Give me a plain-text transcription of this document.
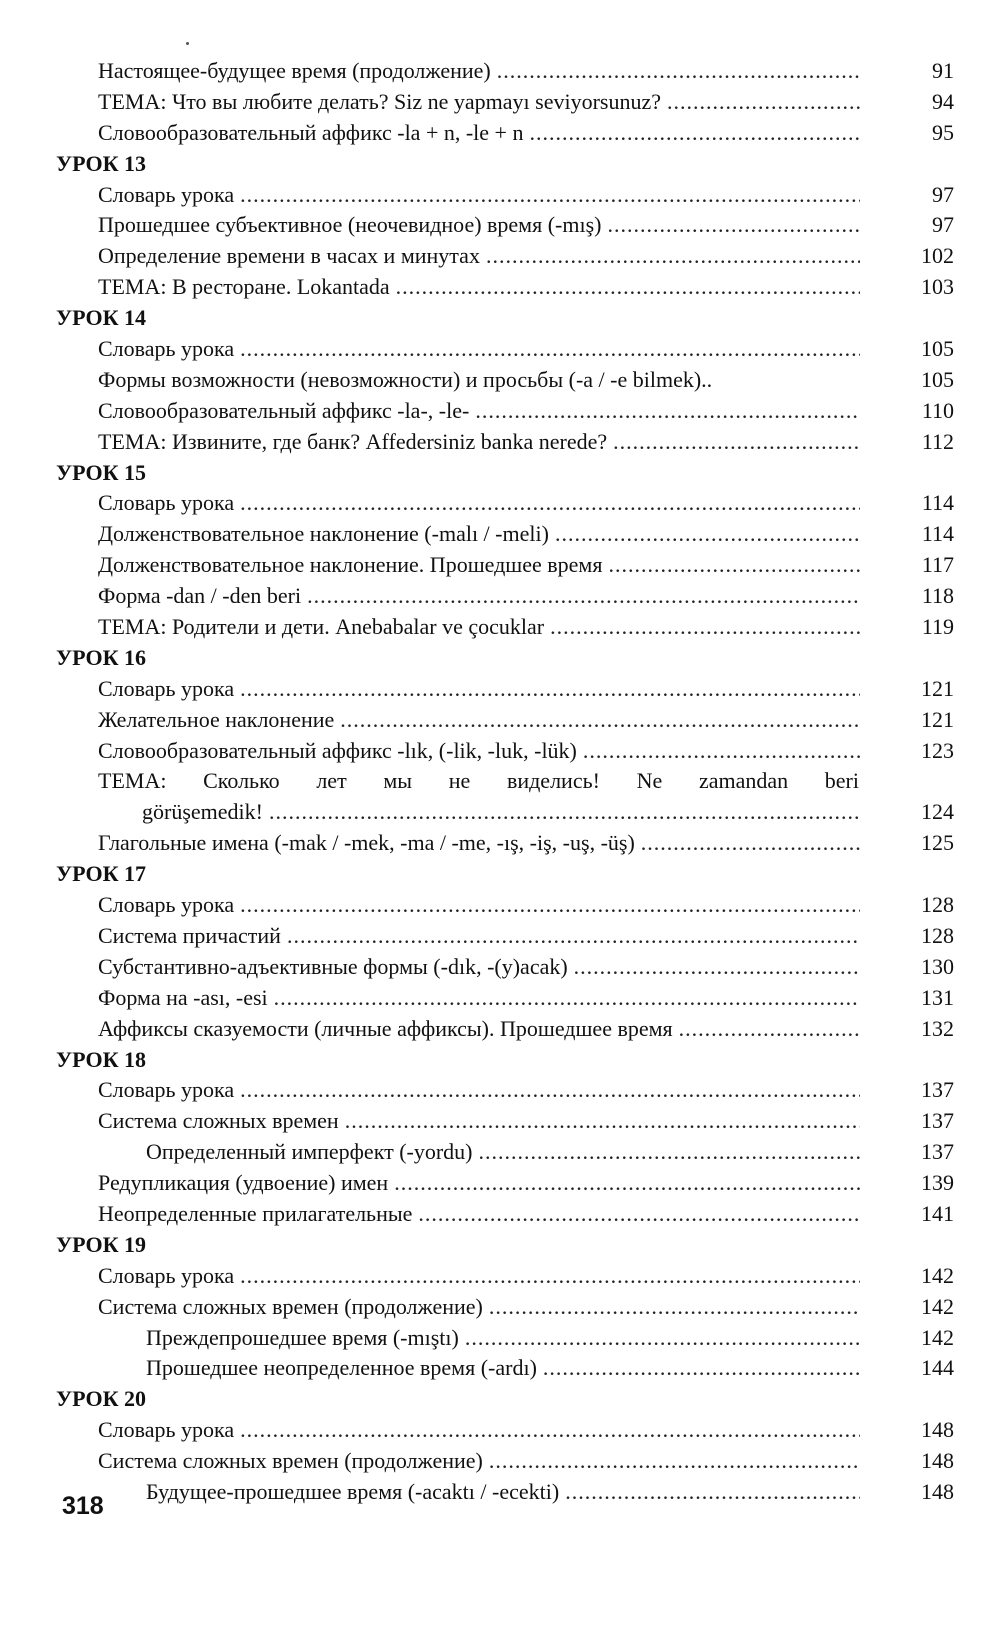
Настоящее-будущее время (продолжение) .....	91
ТЕМА: Что вы любите делать? Siz ne yapmayı seviyorsunuz? .....	94
Словообразовательный аффикс -la + n, -le + n .....	95
УРОК 13
Словарь урока .....	97
Прошедшее субъективное (неочевидное) время (-mış) .....	97
Определение времени в часах и минутах .....	102
ТЕМА: В ресторане. Lokantada .....	103
УРОК 14
Словарь урока .....	105
Формы возможности (невозможности) и просьбы (-a / -e bilmek)..	105
Словообразовательный аффикс -la-, -le- .....	110
ТЕМА: Извините, где банк? Affedersiniz banka nerede? .....	112
УРОК 15
Словарь урока .....	114
Долженствовательное наклонение (-malı / -meli) .....	114
Долженствовательное наклонение. Прошедшее время .....	117
Форма -dan / -den beri .....	118
ТЕМА: Родители и дети. Anebabalar ve çocuklar .....	119
УРОК 16
Словарь урока .....	121
Желательное наклонение .....	121
Словообразовательный аффикс -lık, (-lik, -luk, -lük) .....	123
ТЕМА: Сколько лет мы не виделись! Ne zamandan beri
görüşemedik! .....	124
Глагольные имена (-mak / -mek, -ma / -me, -ış, -iş, -uş, -üş) .....	125
УРОК 17
Словарь урока .....	128
Система причастий .....	128
Субстантивно-адъективные формы (-dık, -(y)acak) .....	130
Форма на -ası, -esi .....	131
Аффиксы сказуемости (личные аффиксы). Прошедшее время .....	132
УРОК 18
Словарь урока .....	137
Система сложных времен .....	137
Определенный имперфект (-yordu) .....	137
Редупликация (удвоение) имен .....	139
Неопределенные прилагательные .....	141
УРОК 19
Словарь урока .....	142
Система сложных времен (продолжение) .....	142
Преждепрошедшее время (-mıştı) .....	142
Прошедшее неопределенное время (-ardı) .....	144
УРОК 20
Словарь урока .....	148
Система сложных времен (продолжение) .....	148
Будущее-прошедшее время (-acaktı / -ecekti) .....	148
318
